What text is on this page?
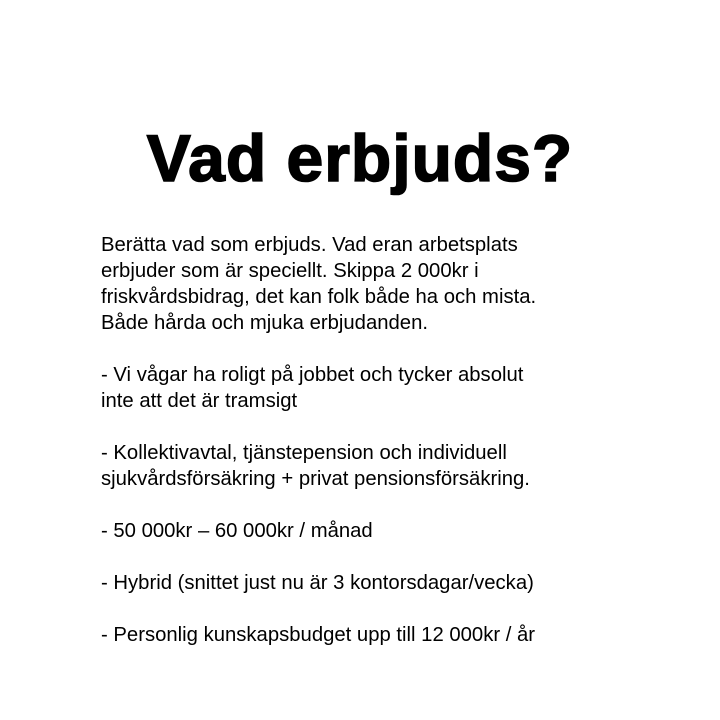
Vad erbjuds?

Berätta vad som erbjuds. Vad eran arbetsplats
erbjuder som är speciellt. Skippa 2 000kr i
friskvårdsbidrag, det kan folk både ha och mista.
Både hårda och mjuka erbjudanden.

- Vi vågar ha roligt på jobbet och tycker absolut
inte att det är tramsigt

- Kollektivavtal, tjänstepension och individuell
sjukvårdsförsäkring + privat pensionsförsäkring.

- 50 000kr – 60 000kr / månad

- Hybrid (snittet just nu är 3 kontorsdagar/vecka)

- Personlig kunskapsbudget upp till 12 000kr / år
